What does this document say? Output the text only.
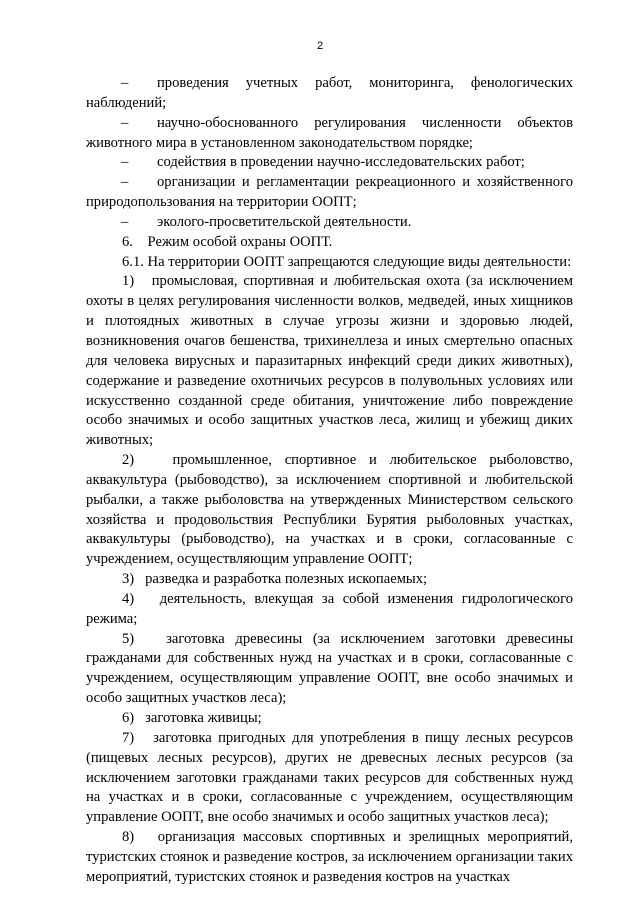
2

– проведения учетных работ, мониторинга, фенологических наблюдений;

– научно-обоснованного регулирования численности объектов животного мира в установленном законодательством порядке;

– содействия в проведении научно-исследовательских работ;

– организации и регламентации рекреационного и хозяйственного природопользования на территории ООПТ;

– эколого-просветительской деятельности.

6.    Режим особой охраны ООПТ.

6.1. На территории ООПТ запрещаются следующие виды деятельности:

1)   промысловая, спортивная и любительская охота (за исключением охоты в целях регулирования численности волков, медведей, иных хищников и плотоядных животных в случае угрозы жизни и здоровью людей, возникновения очагов бешенства, трихинеллеза и иных смертельно опасных для человека вирусных и паразитарных инфекций среди диких животных), содержание и разведение охотничьих ресурсов в полувольных условиях или искусственно созданной среде обитания, уничтожение либо повреждение особо значимых и особо защитных участков леса, жилищ и убежищ диких животных;

2)   промышленное, спортивное и любительское рыболовство, аквакультура (рыбоводство), за исключением спортивной и любительской рыбалки, а также рыболовства на утвержденных Министерством сельского хозяйства и продовольствия Республики Бурятия рыболовных участках, аквакультуры (рыбоводство), на участках и в сроки, согласованные с учреждением, осуществляющим управление ООПТ;

3)   разведка и разработка полезных ископаемых;

4)   деятельность, влекущая за собой изменения гидрологического режима;

5)   заготовка древесины (за исключением заготовки древесины гражданами для собственных нужд на участках и в сроки, согласованные с учреждением, осуществляющим управление ООПТ, вне особо значимых и особо защитных участков леса);

6)   заготовка живицы;

7)   заготовка пригодных для употребления в пищу лесных ресурсов (пищевых лесных ресурсов), других не древесных лесных ресурсов (за исключением заготовки гражданами таких ресурсов для собственных нужд на участках и в сроки, согласованные с учреждением, осуществляющим управление ООПТ, вне особо значимых и особо защитных участков леса);

8)   организация массовых спортивных и зрелищных мероприятий, туристских стоянок и разведение костров, за исключением организации таких мероприятий, туристских стоянок и разведения костров на участках
